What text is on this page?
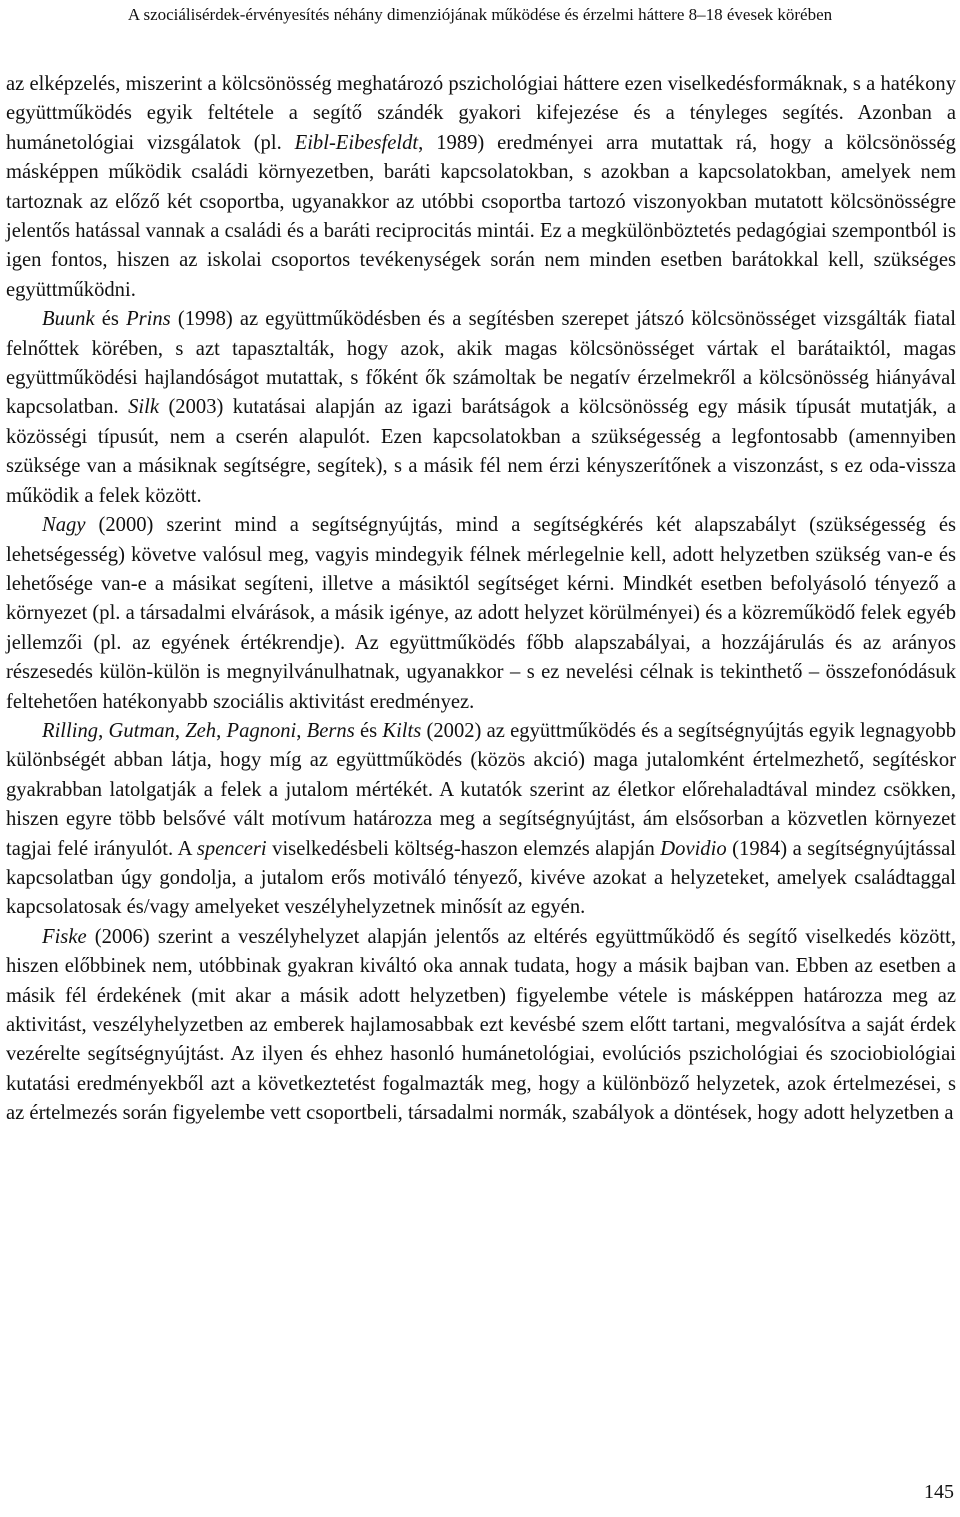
A szociálisérdek-érvényesítés néhány dimenziójának működése és érzelmi háttere 8–18 évesek körében

az elképzelés, miszerint a kölcsönösség meghatározó pszichológiai háttere ezen viselkedésformáknak, s a hatékony együttműködés egyik feltétele a segítő szándék gyakori kifejezése és a tényleges segítés. Azonban a humánetológiai vizsgálatok (pl. Eibl-Eibesfeldt, 1989) eredményei arra mutattak rá, hogy a kölcsönösség másképpen működik családi környezetben, baráti kapcsolatokban, s azokban a kapcsolatokban, amelyek nem tartoznak az előző két csoportba, ugyanakkor az utóbbi csoportba tartozó viszonyokban mutatott kölcsönösségre jelentős hatással vannak a családi és a baráti reciprocitás mintái. Ez a megkülönböztetés pedagógiai szempontból is igen fontos, hiszen az iskolai csoportos tevékenységek során nem minden esetben barátokkal kell, szükséges együttműködni.

Buunk és Prins (1998) az együttműködésben és a segítésben szerepet játszó kölcsönösséget vizsgálták fiatal felnőttek körében, s azt tapasztalták, hogy azok, akik magas kölcsönösséget vártak el barátaiktól, magas együttműködési hajlandóságot mutattak, s főként ők számoltak be negatív érzelmekről a kölcsönösség hiányával kapcsolatban. Silk (2003) kutatásai alapján az igazi barátságok a kölcsönösség egy másik típusát mutatják, a közösségi típusút, nem a cserén alapulót. Ezen kapcsolatokban a szükségesség a legfontosabb (amennyiben szüksége van a másiknak segítségre, segítek), s a másik fél nem érzi kényszerítőnek a viszonzást, s ez oda-vissza működik a felek között.

Nagy (2000) szerint mind a segítségnyújtás, mind a segítségkérés két alapszabályt (szükségesség és lehetségesség) követve valósul meg, vagyis mindegyik félnek mérlegelnie kell, adott helyzetben szükség van-e és lehetősége van-e a másikat segíteni, illetve a másiktól segítséget kérni. Mindkét esetben befolyásoló tényező a környezet (pl. a társadalmi elvárások, a másik igénye, az adott helyzet körülményei) és a közreműködő felek egyéb jellemzői (pl. az egyének értékrendje). Az együttműködés főbb alapszabályai, a hozzájárulás és az arányos részesedés külön-külön is megnyilvánulhatnak, ugyanakkor – s ez nevelési célnak is tekinthető – összefonódásuk feltehetően hatékonyabb szociális aktivitást eredményez.

Rilling, Gutman, Zeh, Pagnoni, Berns és Kilts (2002) az együttműködés és a segítségnyújtás egyik legnagyobb különbségét abban látja, hogy míg az együttműködés (közös akció) maga jutalomként értelmezhető, segítéskor gyakrabban latolgatják a felek a jutalom mértékét. A kutatók szerint az életkor előrehaladtával mindez csökken, hiszen egyre több belsővé vált motívum határozza meg a segítségnyújtást, ám elsősorban a közvetlen környezet tagjai felé irányulót. A spenceri viselkedésbeli költség-haszon elemzés alapján Dovidio (1984) a segítségnyújtással kapcsolatban úgy gondolja, a jutalom erős motiváló tényező, kivéve azokat a helyzeteket, amelyek családtaggal kapcsolatosak és/vagy amelyeket veszélyhelyzetnek minősít az egyén.

Fiske (2006) szerint a veszélyhelyzet alapján jelentős az eltérés együttműködő és segítő viselkedés között, hiszen előbbinek nem, utóbbinak gyakran kiváltó oka annak tudata, hogy a másik bajban van. Ebben az esetben a másik fél érdekének (mit akar a másik adott helyzetben) figyelembe vétele is másképpen határozza meg az aktivitást, veszélyhelyzetben az emberek hajlamosabbak ezt kevésbé szem előtt tartani, megvalósítva a saját érdek vezérelte segítségnyújtást. Az ilyen és ehhez hasonló humánetológiai, evolúciós pszichológiai és szociobiológiai kutatási eredményekből azt a következtetést fogalmazták meg, hogy a különböző helyzetek, azok értelmezései, s az értelmezés során figyelembe vett csoportbeli, társadalmi normák, szabályok a döntések, hogy adott helyzetben a

145
